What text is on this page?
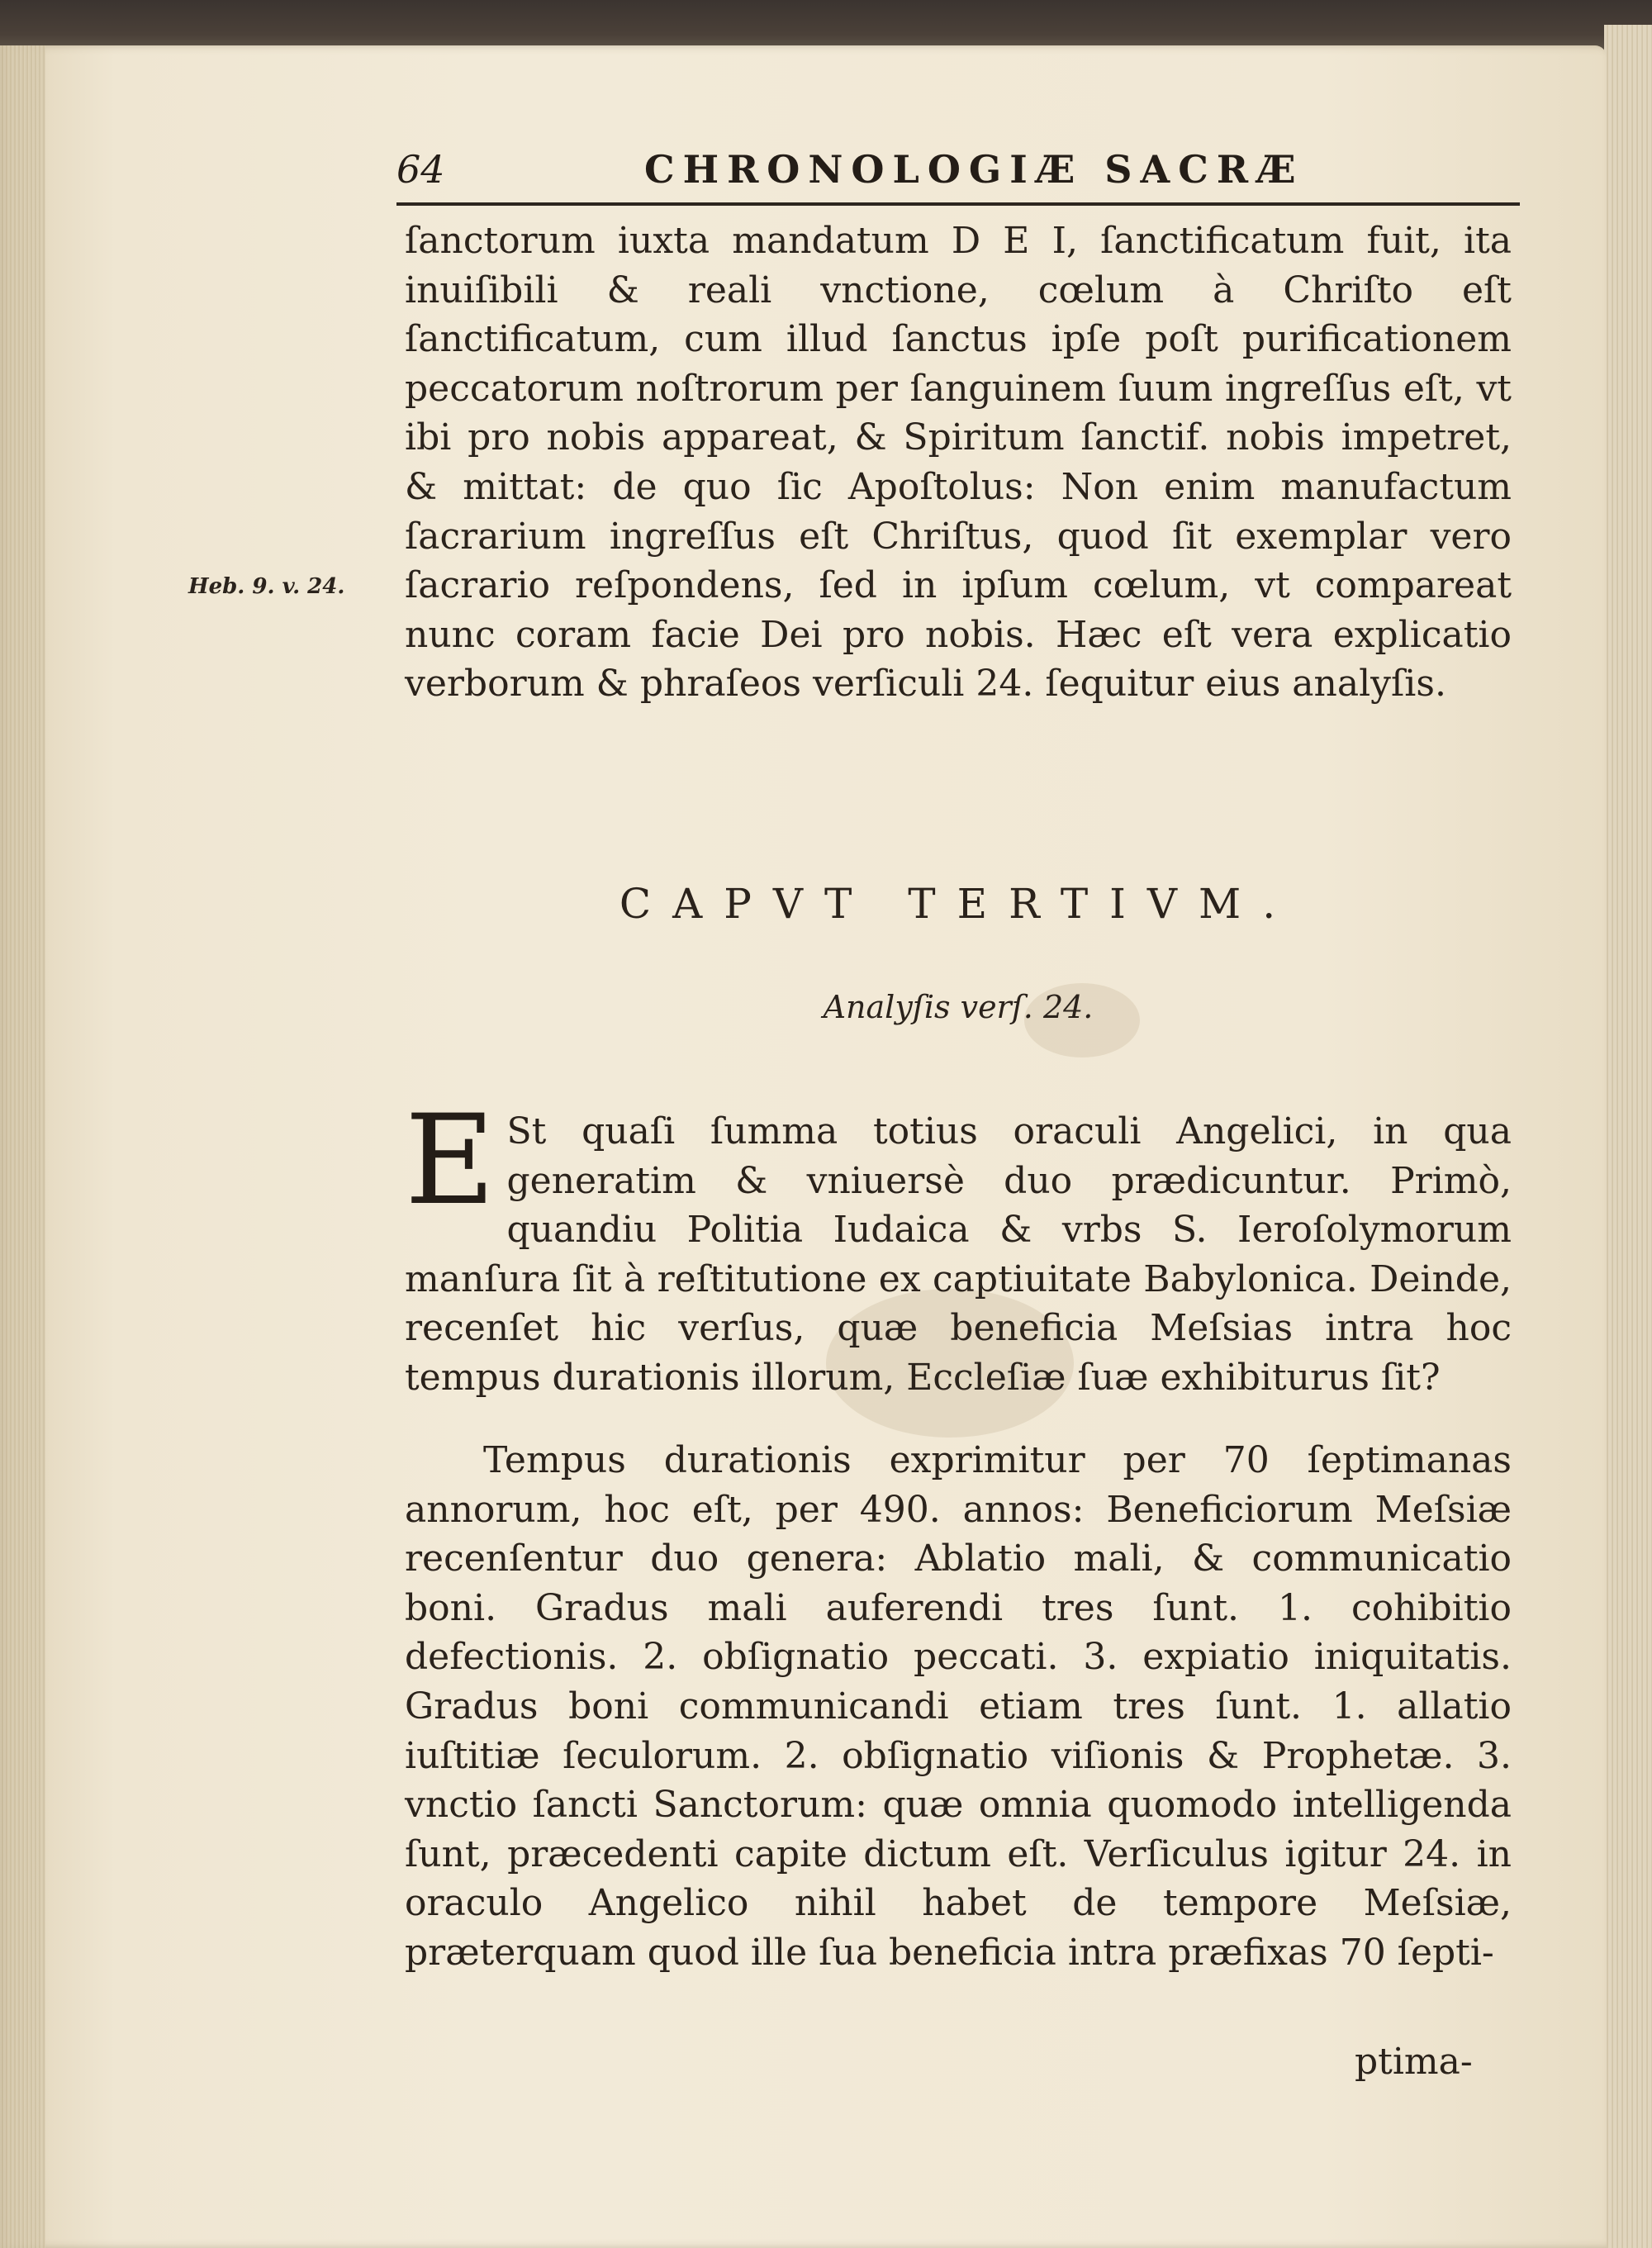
64	CHRONOLOGIÆ SACRÆ

ſanctorum iuxta mandatum D E I, ſanctificatum fuit, ita inuiſibili & reali vnctione, cœlum à Chriſto eſt ſanctificatum, cum illud ſanctus ipſe poſt purificationem peccatorum noſtrorum per ſanguinem ſuum ingreſſus eſt, vt ibi pro nobis appareat, & Spiritum ſanctif. nobis impetret, & mittat: de quo ſic Apoſtolus: Non enim manufactum ſacrarium ingreſſus eſt Chriſtus, quod ſit exemplar vero ſacrario reſpondens, ſed in ipſum cœlum, vt compareat nunc coram facie Dei pro nobis. Hæc eſt vera explicatio verborum & phraſeos verſiculi 24. ſequitur eius analyſis.

Heb. 9. v. 24.
CAPVT TERTIVM.
Analyſis verſ. 24.

E St quaſi ſumma totius oraculi Angelici, in qua generatim & vniuersè duo prædicuntur. Primò, quandiu Politia Iudaica & vrbs S. Ieroſolymorum manſura ſit à reſtitutione ex captiuitate Babylonica. Deinde, recenſet hic verſus, quæ beneficia Meſsias intra hoc tempus durationis illorum, Eccleſiæ ſuæ exhibiturus ſit?

Tempus durationis exprimitur per 70 ſeptimanas annorum, hoc eſt, per 490. annos: Beneficiorum Meſsiæ recenſentur duo genera: Ablatio mali, & communicatio boni. Gradus mali auferendi tres ſunt. 1. cohibitio defectionis. 2. obſignatio peccati. 3. expiatio iniquitatis. Gradus boni communicandi etiam tres ſunt. 1. allatio iuſtitiæ ſeculorum. 2. obſignatio viſionis & Prophetæ. 3. vnctio ſancti Sanctorum: quæ omnia quomodo intelligenda ſunt, præcedenti capite dictum eſt. Verſiculus igitur 24. in oraculo Angelico nihil habet de tempore Meſsiæ, præterquam quod ille ſua beneficia intra præfixas 70 ſepti-

ptima-
